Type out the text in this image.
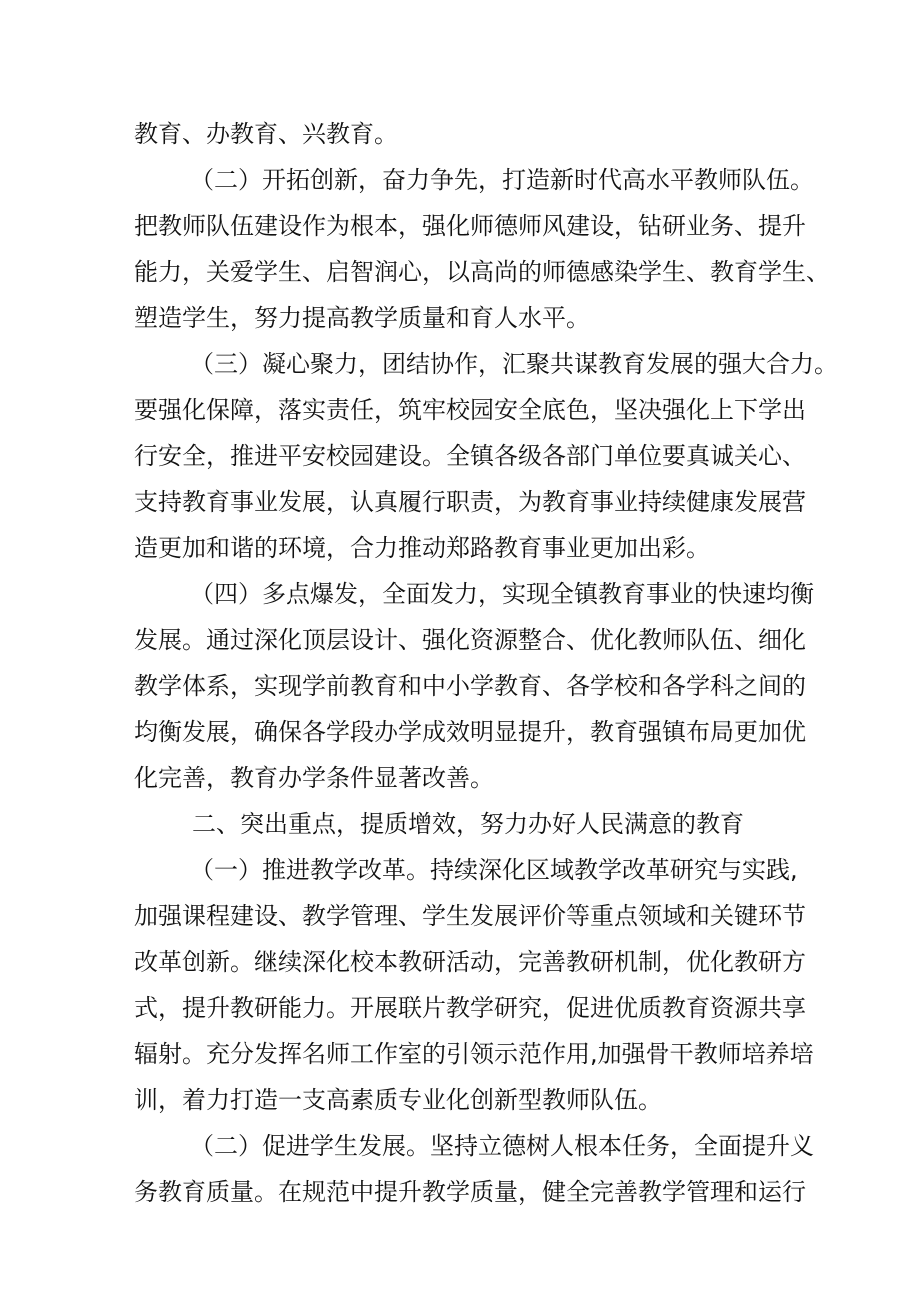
教育、办教育、兴教育。
（二）开拓创新，奋力争先，打造新时代高水平教师队伍。
把教师队伍建设作为根本，强化师德师风建设，钻研业务、提升
能力，关爱学生、启智润心，以高尚的师德感染学生、教育学生、
塑造学生，努力提高教学质量和育人水平。
（三）凝心聚力，团结协作，汇聚共谋教育发展的强大合力。
要强化保障，落实责任，筑牢校园安全底色，坚决强化上下学出
行安全，推进平安校园建设。全镇各级各部门单位要真诚关心、
支持教育事业发展，认真履行职责，为教育事业持续健康发展营
造更加和谐的环境，合力推动郑路教育事业更加出彩。
（四）多点爆发，全面发力，实现全镇教育事业的快速均衡
发展。通过深化顶层设计、强化资源整合、优化教师队伍、细化
教学体系，实现学前教育和中小学教育、各学校和各学科之间的
均衡发展，确保各学段办学成效明显提升，教育强镇布局更加优
化完善，教育办学条件显著改善。
二、突出重点，提质增效，努力办好人民满意的教育
（一）推进教学改革。持续深化区域教学改革研究与实践,
加强课程建设、教学管理、学生发展评价等重点领域和关键环节
改革创新。继续深化校本教研活动，完善教研机制，优化教研方
式，提升教研能力。开展联片教学研究，促进优质教育资源共享
辐射。充分发挥名师工作室的引领示范作用,加强骨干教师培养培
训，着力打造一支高素质专业化创新型教师队伍。
（二）促进学生发展。坚持立德树人根本任务，全面提升义
务教育质量。在规范中提升教学质量，健全完善教学管理和运行
